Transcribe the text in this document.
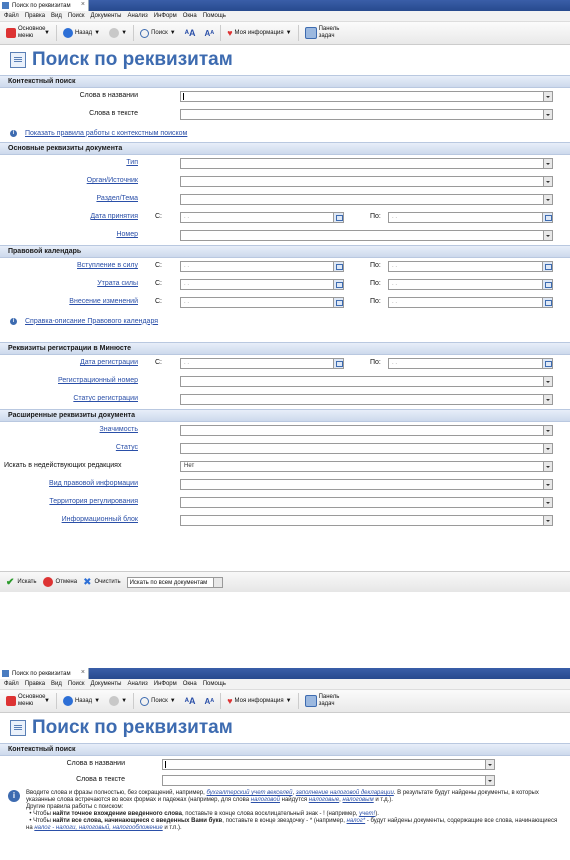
Поиск по реквизитам ×
Файл Правка Вид Поиск Документы Анализ ИнФорм Окна Помощь
Основное меню	▼	Назад ▼	▼	Поиск ▼ ᴬA Aᴬ ♥ Моя информация ▼
Панель задач
Поиск по реквизитам
Контекстный поиск
Слова в названии
Слова в тексте
i	Показать правила работы с контекстным поиском
Основные реквизиты документа
Тип
Орган/Источник
Раздел/Тема
Дата принятия С:	. .	По:	. .
Номер
Правовой календарь
Вступление в силу С:	. .	По:	. .
Утрата силы С:	. .	По:	. .
Внесение изменений С:	. .	По:	. .
i	Справка-описание Правового календаря
Реквизиты регистрации в Минюсте
Дата регистрации С:	. .	По:	. .
Регистрационный номер
Статус регистрации
Расширенные реквизиты документа
Значимость
Статус
Искать в недействующих редакциях	Нет
Вид правовой информации
Территория регулирования
Информационный блок
✔ Искать	Отмена ✖ Очистить	Искать по всем документам
Поиск по реквизитам ×
Файл Правка Вид Поиск Документы Анализ ИнФорм Окна Помощь
Основное меню	▼	Назад ▼	▼	Поиск ▼ ᴬA Aᴬ ♥ Моя информация ▼
Панель задач
Поиск по реквизитам
Контекстный поиск
Слова в названии
Слова в тексте
i	Вводите слова и фразы полностью, без сокращений, например, бухгалтерский учет векселей, заполнение налоговой декларации. В результате будут найдены документы, в которых указанные слова встречаются во всех формах и падежах (например, для слова налоговой найдутся налоговые, налоговым и т.д.).
Другие правила работы с поиском:
• Чтобы найти точное вхождение введенного слова, поставьте в конце слова восклицательный знак - ! (например, учет!).
• Чтобы найти все слова, начинающиеся с введенных Вами букв, поставьте в конце звездочку - * (например, налог* - будут найдены документы, содержащие все слова, начинающиеся на налог - налоги, налоговый, налогообложение и т.п.).
